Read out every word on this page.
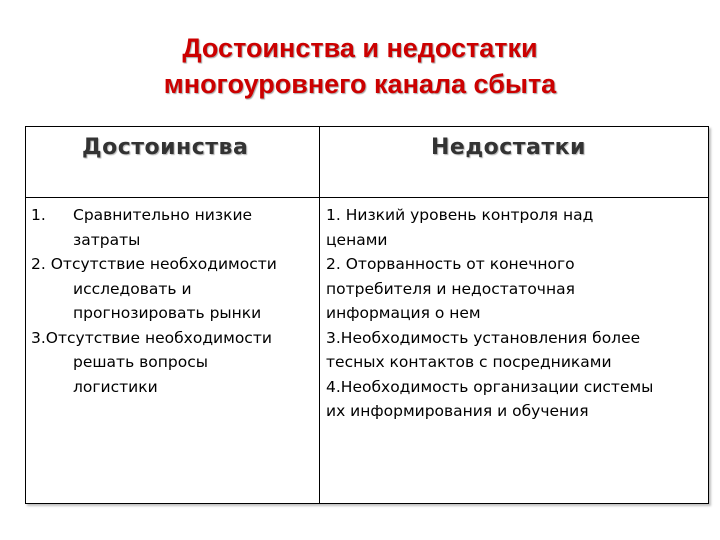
Достоинства и недостатки
многоуровнего канала сбыта
Достоинства	Недостатки
1. Сравнительно низкие
затраты
2. Отсутствие необходимости
исследовать и
прогнозировать рынки
3.Отсутствие необходимости
решать вопросы
логистики
1. Низкий уровень контроля над
ценами
2. Оторванность от конечного
потребителя и недостаточная
информация о нем
3.Необходимость установления более
тесных контактов с посредниками
4.Необходимость организации системы
их информирования и обучения
